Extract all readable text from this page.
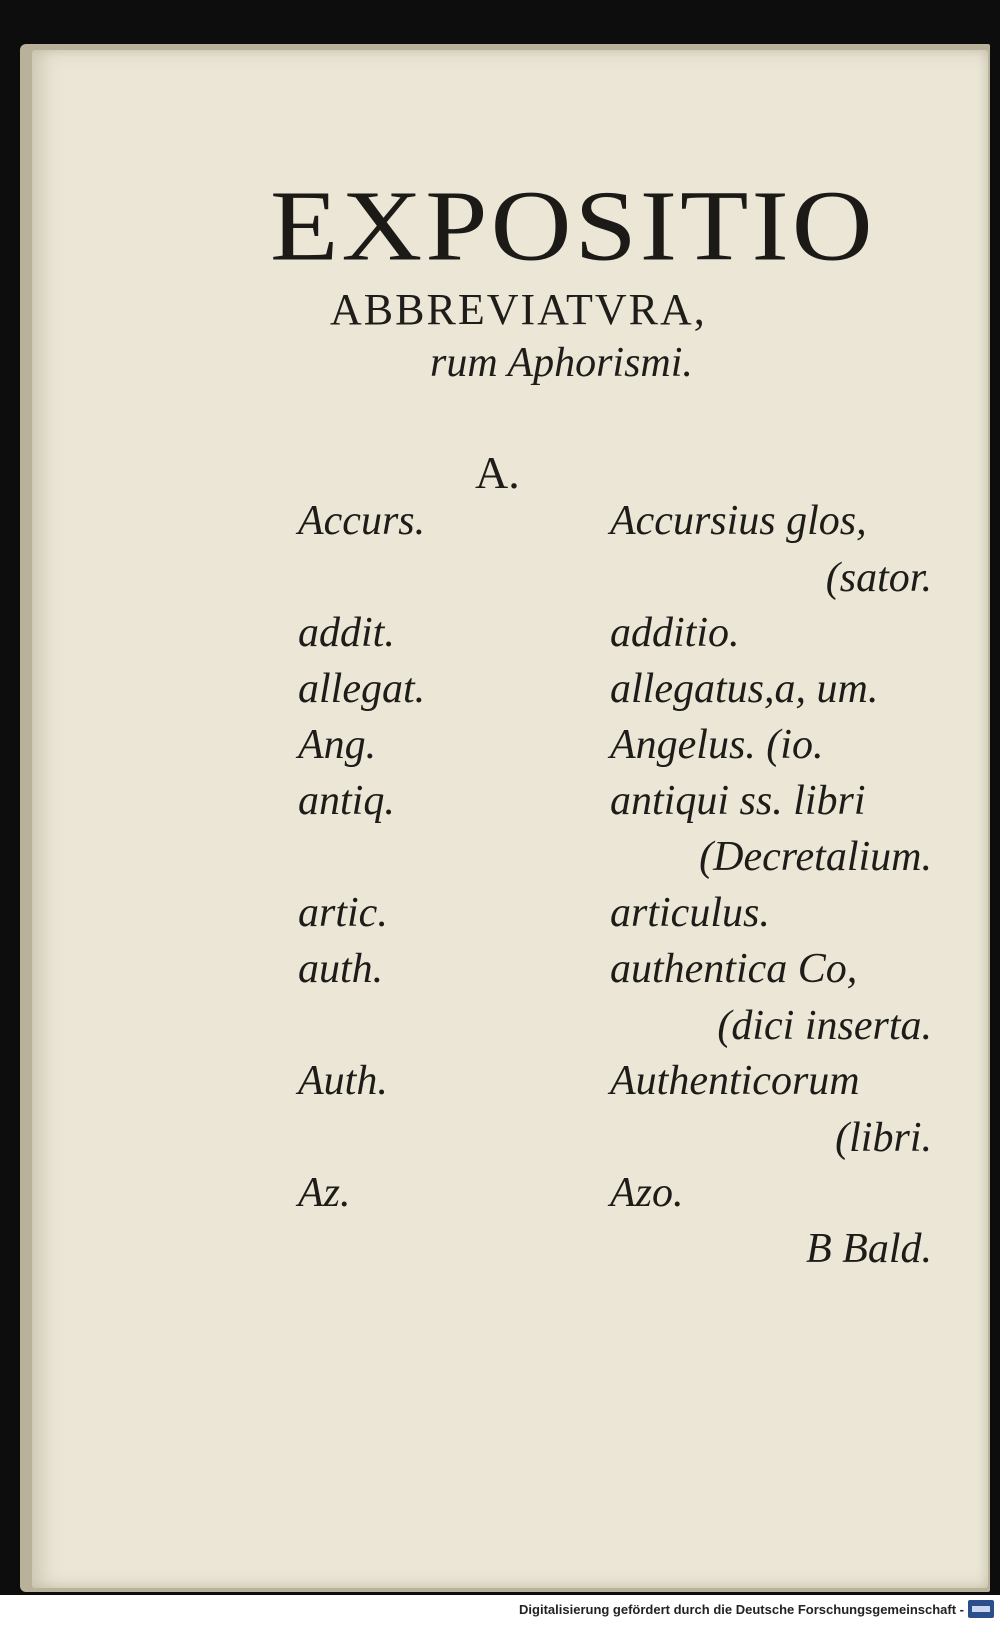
EXPOSITIO
ABBREVIATVRA,
rum Aphorismi.
A.
Accurs.	Accursius glos,
(sator.
addit.	additio.
allegat.	allegatus,a, um.
Ang.	Angelus. (io.
antiq.	antiqui ss. libri
(Decretalium.
artic.	articulus.
auth.	authentica Co,
(dici inserta.
Auth.	Authenticorum
(libri.
Az.	Azo.
B Bald.
Digitalisierung gefördert durch die Deutsche Forschungsgemeinschaft -
